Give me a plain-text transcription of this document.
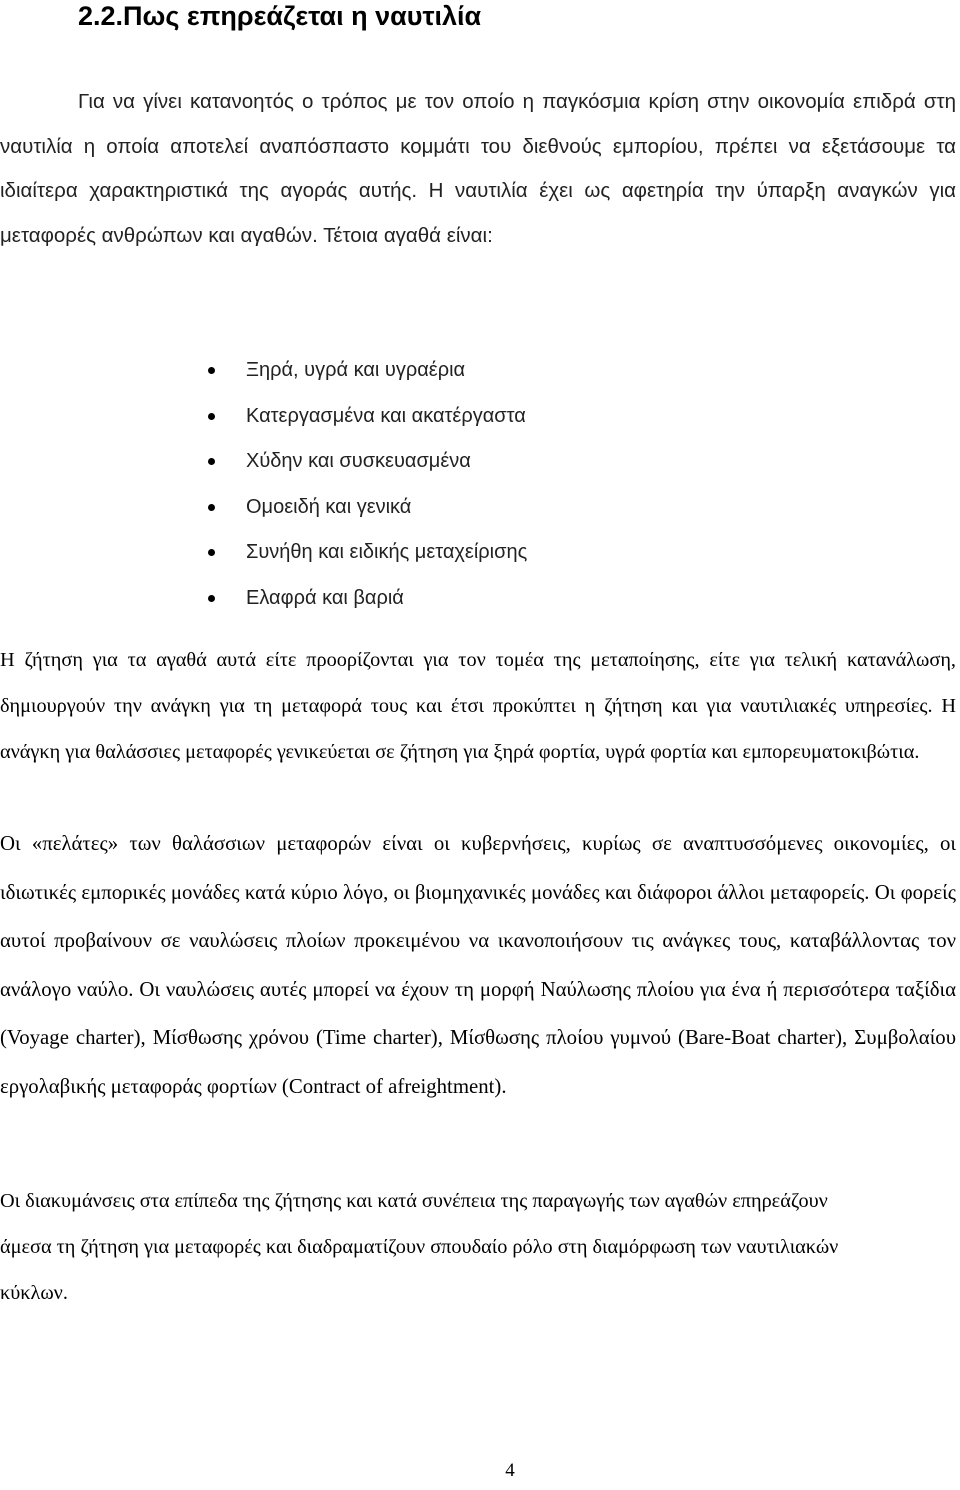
2.2.Πως επηρεάζεται η ναυτιλία

Για να γίνει κατανοητός ο τρόπος με τον οποίο η παγκόσμια κρίση στην οικονομία επιδρά στη ναυτιλία η οποία αποτελεί αναπόσπαστο κομμάτι του διεθνούς εμπορίου, πρέπει να εξετάσουμε τα ιδιαίτερα χαρακτηριστικά της αγοράς αυτής. Η ναυτιλία έχει ως αφετηρία την ύπαρξη αναγκών για μεταφορές ανθρώπων και αγαθών. Τέτοια αγαθά είναι:

Ξηρά, υγρά και υγραέρια
Κατεργασμένα και ακατέργαστα
Χύδην και συσκευασμένα
Ομοειδή και γενικά
Συνήθη και ειδικής μεταχείρισης
Ελαφρά και βαριά

Η ζήτηση για τα αγαθά αυτά είτε προορίζονται για τον τομέα της μεταποίησης, είτε για τελική κατανάλωση, δημιουργούν την ανάγκη για τη μεταφορά τους και έτσι προκύπτει η ζήτηση και για ναυτιλιακές υπηρεσίες. Η ανάγκη για θαλάσσιες μεταφορές γενικεύεται σε ζήτηση για ξηρά φορτία, υγρά φορτία και εμπορευματοκιβώτια.

Οι «πελάτες» των θαλάσσιων μεταφορών είναι οι κυβερνήσεις, κυρίως σε αναπτυσσόμενες οικονομίες, οι ιδιωτικές εμπορικές μονάδες κατά κύριο λόγο, οι βιομηχανικές μονάδες και διάφοροι άλλοι μεταφορείς. Οι φορείς αυτοί προβαίνουν σε ναυλώσεις πλοίων προκειμένου να ικανοποιήσουν τις ανάγκες τους, καταβάλλοντας τον ανάλογο ναύλο. Οι ναυλώσεις αυτές μπορεί να έχουν τη μορφή Ναύλωσης πλοίου για ένα ή περισσότερα ταξίδια (Voyage charter), Μίσθωσης χρόνου (Time charter), Μίσθωσης πλοίου γυμνού (Bare-Boat charter), Συμβολαίου εργολαβικής μεταφοράς φορτίων (Contract of afreightment).

Οι διακυμάνσεις στα επίπεδα της ζήτησης και κατά συνέπεια της παραγωγής των αγαθών επηρεάζουν άμεσα τη ζήτηση για μεταφορές και διαδραματίζουν σπουδαίο ρόλο στη διαμόρφωση των ναυτιλιακών κύκλων.

4
